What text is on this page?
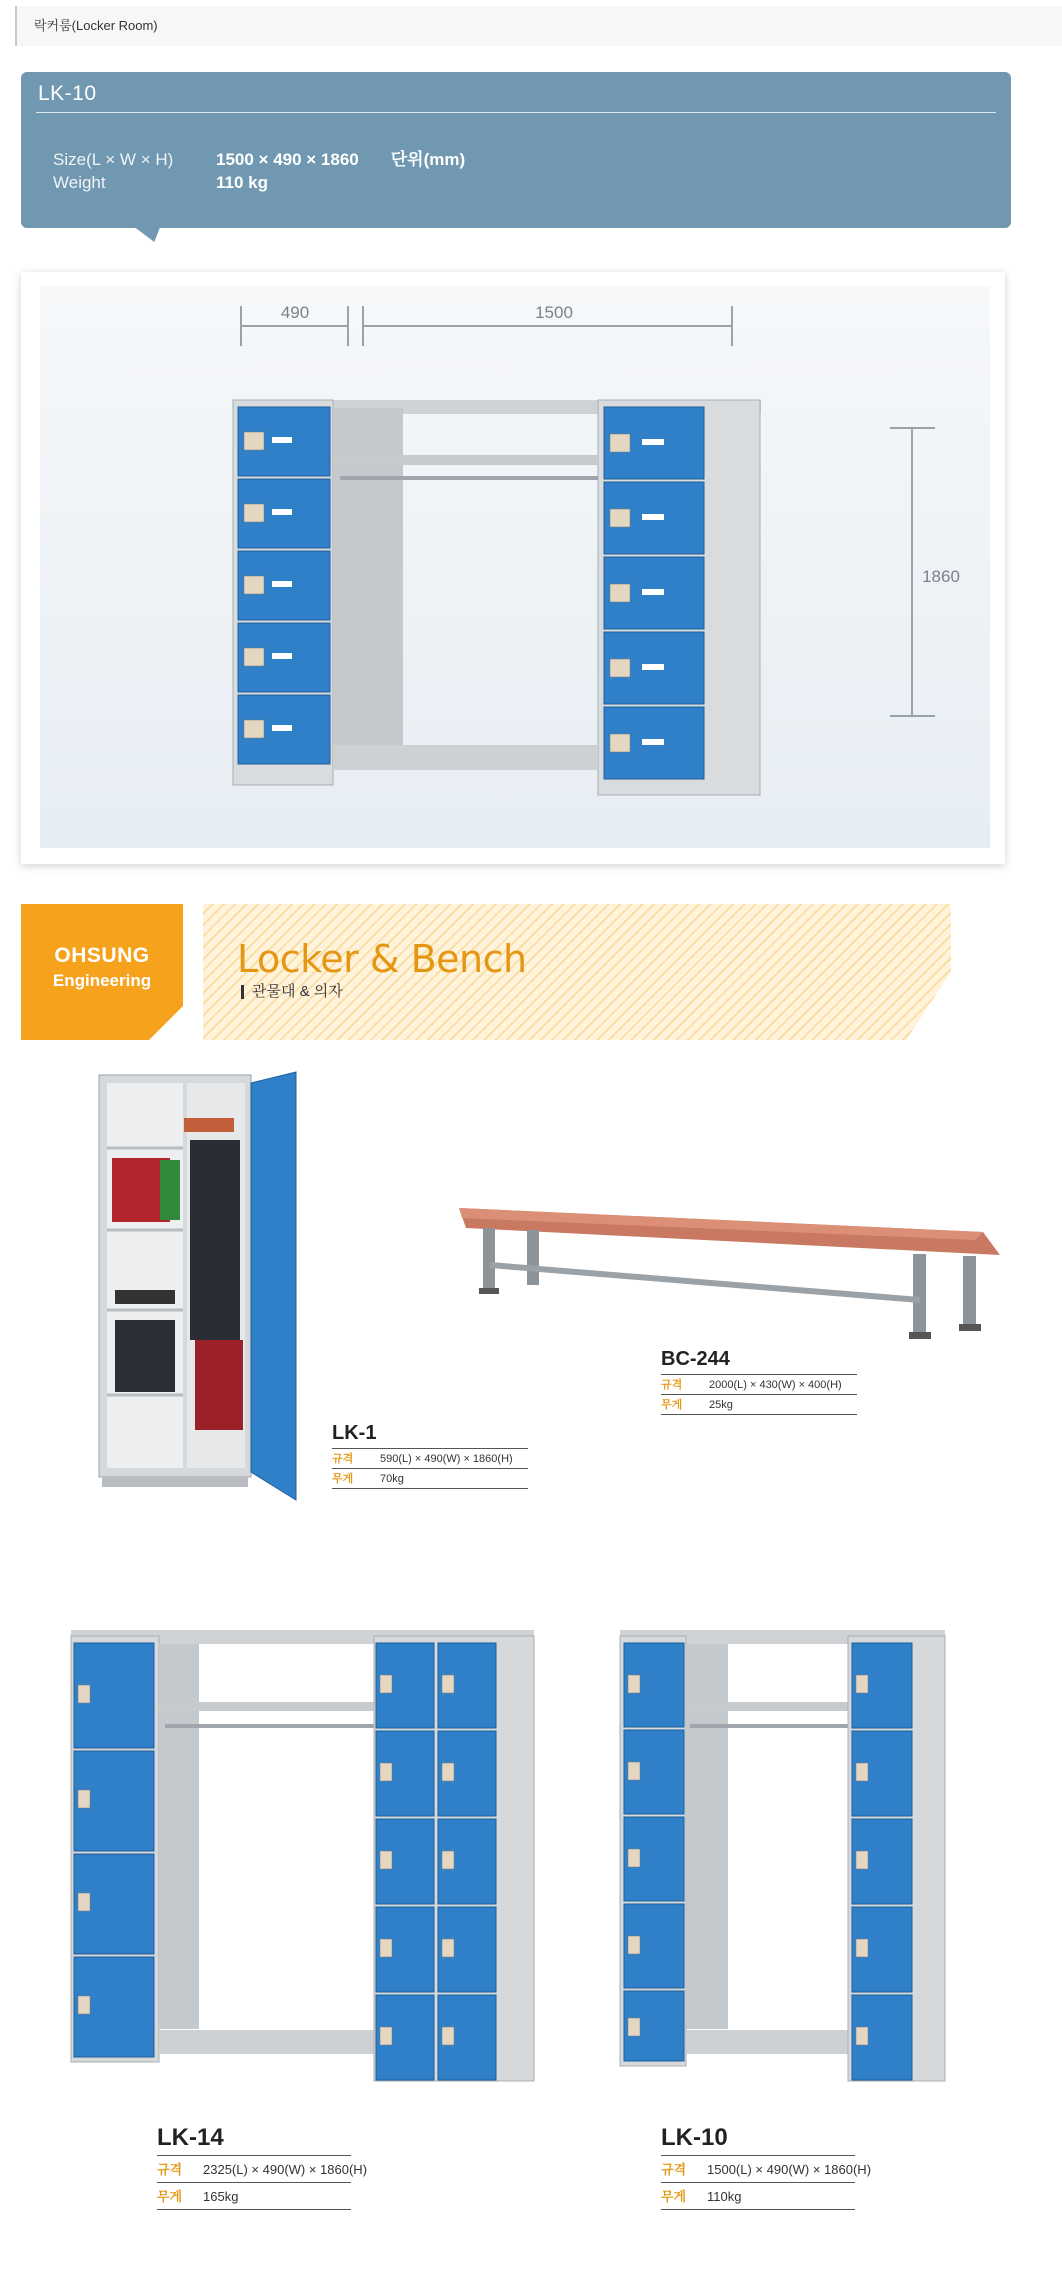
락커룸(Locker Room)
LK-10
Size(L × W × H)	1500 × 490 × 1860 단위(mm)
Weight	110 kg
490	1500
1860
OHSUNG
Engineering	Locker & Bench
관물대 & 의자
LK-1
규격 590(L) × 490(W) × 1860(H)
무게 70kg
BC-244
규격 2000(L) × 430(W) × 400(H)
무게 25kg
LK-14
규격 2325(L) × 490(W) × 1860(H)
무게 165kg
LK-10
규격 1500(L) × 490(W) × 1860(H)
무게 110kg
